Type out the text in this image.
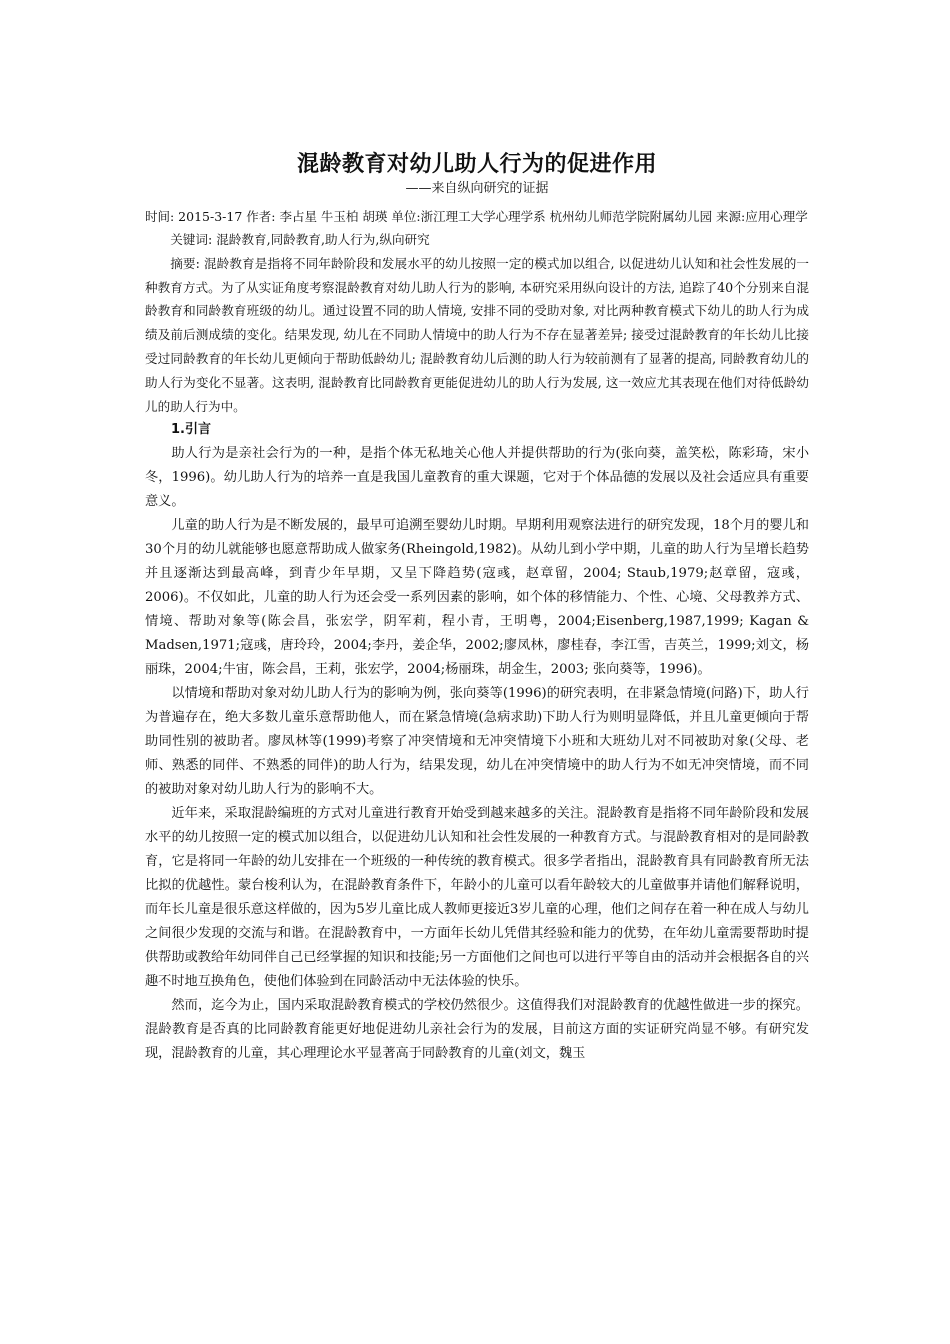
混龄教育对幼儿助人行为的促进作用

——来自纵向研究的证据

时间: 2015-3-17 作者: 李占星 牛玉柏 胡瑛 单位:浙江理工大学心理学系 杭州幼儿师范学院附属幼儿园 来源:应用心理学

关键词: 混龄教育,同龄教育,助人行为,纵向研究

摘要: 混龄教育是指将不同年龄阶段和发展水平的幼儿按照一定的模式加以组合, 以促进幼儿认知和社会性发展的一种教育方式。为了从实证角度考察混龄教育对幼儿助人行为的影响, 本研究采用纵向设计的方法, 追踪了40个分别来自混龄教育和同龄教育班级的幼儿。通过设置不同的助人情境, 安排不同的受助对象, 对比两种教育模式下幼儿的助人行为成绩及前后测成绩的变化。结果发现, 幼儿在不同助人情境中的助人行为不存在显著差异; 接受过混龄教育的年长幼儿比接受过同龄教育的年长幼儿更倾向于帮助低龄幼儿; 混龄教育幼儿后测的助人行为较前测有了显著的提高, 同龄教育幼儿的助人行为变化不显著。这表明, 混龄教育比同龄教育更能促进幼儿的助人行为发展, 这一效应尤其表现在他们对待低龄幼儿的助人行为中。

1.引言

助人行为是亲社会行为的一种，是指个体无私地关心他人并提供帮助的行为(张向葵，盖笑松，陈彩琦，宋小冬，1996)。幼儿助人行为的培养一直是我国儿童教育的重大课题，它对于个体品德的发展以及社会适应具有重要意义。

儿童的助人行为是不断发展的，最早可追溯至婴幼儿时期。早期利用观察法进行的研究发现，18个月的婴儿和30个月的幼儿就能够也愿意帮助成人做家务(Rheingold,1982)。从幼儿到小学中期，儿童的助人行为呈增长趋势并且逐渐达到最高峰，到青少年早期，又呈下降趋势(寇彧，赵章留，2004; Staub,1979;赵章留，寇彧，2006)。不仅如此，儿童的助人行为还会受一系列因素的影响，如个体的移情能力、个性、心境、父母教养方式、情境、帮助对象等(陈会昌，张宏学，阴军莉，程小青，王明粤，2004;Eisenberg,1987,1999; Kagan & Madsen,1971;寇彧，唐玲玲，2004;李丹，姜企华，2002;廖凤林，廖桂春，李江雪，吉英兰，1999;刘文，杨丽珠，2004;牛宙，陈会昌，王莉，张宏学，2004;杨丽珠，胡金生，2003; 张向葵等，1996)。

以情境和帮助对象对幼儿助人行为的影响为例，张向葵等(1996)的研究表明，在非紧急情境(问路)下，助人行为普遍存在，绝大多数儿童乐意帮助他人，而在紧急情境(急病求助)下助人行为则明显降低，并且儿童更倾向于帮助同性别的被助者。廖凤林等(1999)考察了冲突情境和无冲突情境下小班和大班幼儿对不同被助对象(父母、老师、熟悉的同伴、不熟悉的同伴)的助人行为，结果发现，幼儿在冲突情境中的助人行为不如无冲突情境，而不同的被助对象对幼儿助人行为的影响不大。

近年来，采取混龄编班的方式对儿童进行教育开始受到越来越多的关注。混龄教育是指将不同年龄阶段和发展水平的幼儿按照一定的模式加以组合，以促进幼儿认知和社会性发展的一种教育方式。与混龄教育相对的是同龄教育，它是将同一年龄的幼儿安排在一个班级的一种传统的教育模式。很多学者指出，混龄教育具有同龄教育所无法比拟的优越性。蒙台梭利认为，在混龄教育条件下，年龄小的儿童可以看年龄较大的儿童做事并请他们解释说明，而年长儿童是很乐意这样做的，因为5岁儿童比成人教师更接近3岁儿童的心理，他们之间存在着一种在成人与幼儿之间很少发现的交流与和谐。在混龄教育中，一方面年长幼儿凭借其经验和能力的优势，在年幼儿童需要帮助时提供帮助或教给年幼同伴自己已经掌握的知识和技能;另一方面他们之间也可以进行平等自由的活动并会根据各自的兴趣不时地互换角色，使他们体验到在同龄活动中无法体验的快乐。

然而，迄今为止，国内采取混龄教育模式的学校仍然很少。这值得我们对混龄教育的优越性做进一步的探究。混龄教育是否真的比同龄教育能更好地促进幼儿亲社会行为的发展，目前这方面的实证研究尚显不够。有研究发现，混龄教育的儿童，其心理理论水平显著高于同龄教育的儿童(刘文，魏玉
